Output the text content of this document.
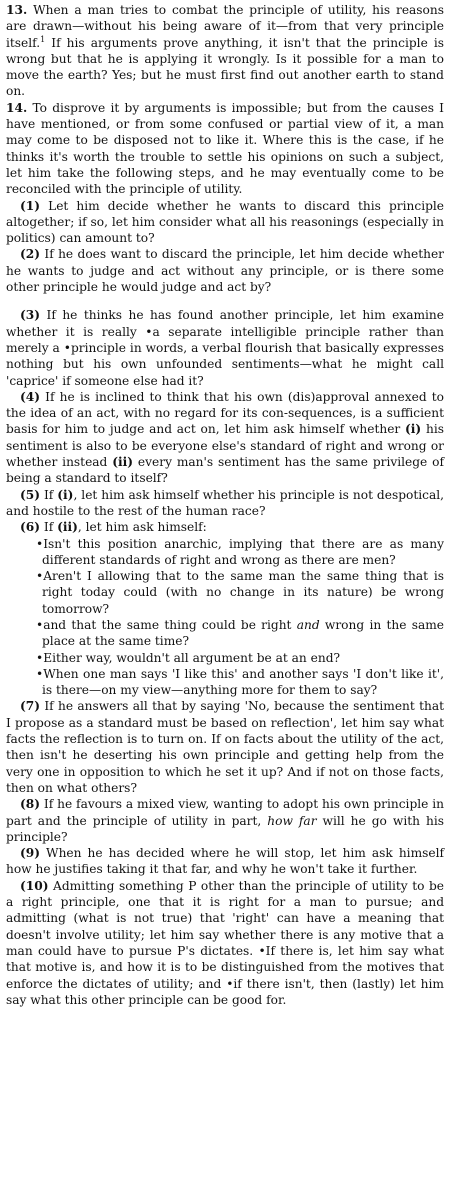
13. When a man tries to combat the principle of utility, his reasons are drawn—without his being aware of it—from that very principle itself.$^1$ If his arguments prove anything, it isn't that the principle is wrong but that he is applying it wrongly. Is it possible for a man to move the earth? Yes; but he must first find out another earth to stand on.

14. To disprove it by arguments is impossible; but from the causes I have mentioned, or from some confused or partial view of it, a man may come to be disposed not to like it. Where this is the case, if he thinks it's worth the trouble to settle his opinions on such a subject, let him take the following steps, and he may eventually come to be reconciled with the principle of utility.

(1) Let him decide whether he wants to discard this principle altogether; if so, let him consider what all his reasonings (especially in politics) can amount to?

(2) If he does want to discard the principle, let him decide whether he wants to judge and act without any principle, or is there some other principle he would judge and act by?

(3) If he thinks he has found another principle, let him examine whether it is really •a separate intelligible principle rather than merely a •principle in words, a verbal flourish that basically expresses nothing but his own unfounded sentiments—what he might call 'caprice' if someone else had it?

(4) If he is inclined to think that his own (dis)approval annexed to the idea of an act, with no regard for its con-sequences, is a sufficient basis for him to judge and act on, let him ask himself whether (i) his sentiment is also to be everyone else's standard of right and wrong or whether instead (ii) every man's sentiment has the same privilege of being a standard to itself?

(5) If (i), let him ask himself whether his principle is not despotical, and hostile to the rest of the human race?

(6) If (ii), let him ask himself:

•Isn't this position anarchic, implying that there are as many different standards of right and wrong as there are men?
•Aren't I allowing that to the same man the same thing that is right today could (with no change in its nature) be wrong tomorrow?
•and that the same thing could be right and wrong in the same place at the same time?
•Either way, wouldn't all argument be at an end?
•When one man says 'I like this' and another says 'I don't like it', is there—on my view—anything more for them to say?

(7) If he answers all that by saying 'No, because the sentiment that I propose as a standard must be based on reflection', let him say what facts the reflection is to turn on. If on facts about the utility of the act, then isn't he deserting his own principle and getting help from the very one in opposition to which he set it up? And if not on those facts, then on what others?

(8) If he favours a mixed view, wanting to adopt his own principle in part and the principle of utility in part, how far will he go with his principle?

(9) When he has decided where he will stop, let him ask himself how he justifies taking it that far, and why he won't take it further.

(10) Admitting something P other than the principle of utility to be a right principle, one that it is right for a man to pursue; and admitting (what is not true) that 'right' can have a meaning that doesn't involve utility; let him say whether there is any motive that a man could have to pursue P's dictates. •If there is, let him say what that motive is, and how it is to be distinguished from the motives that enforce the dictates of utility; and •if there isn't, then (lastly) let him say what this other principle can be good for.
